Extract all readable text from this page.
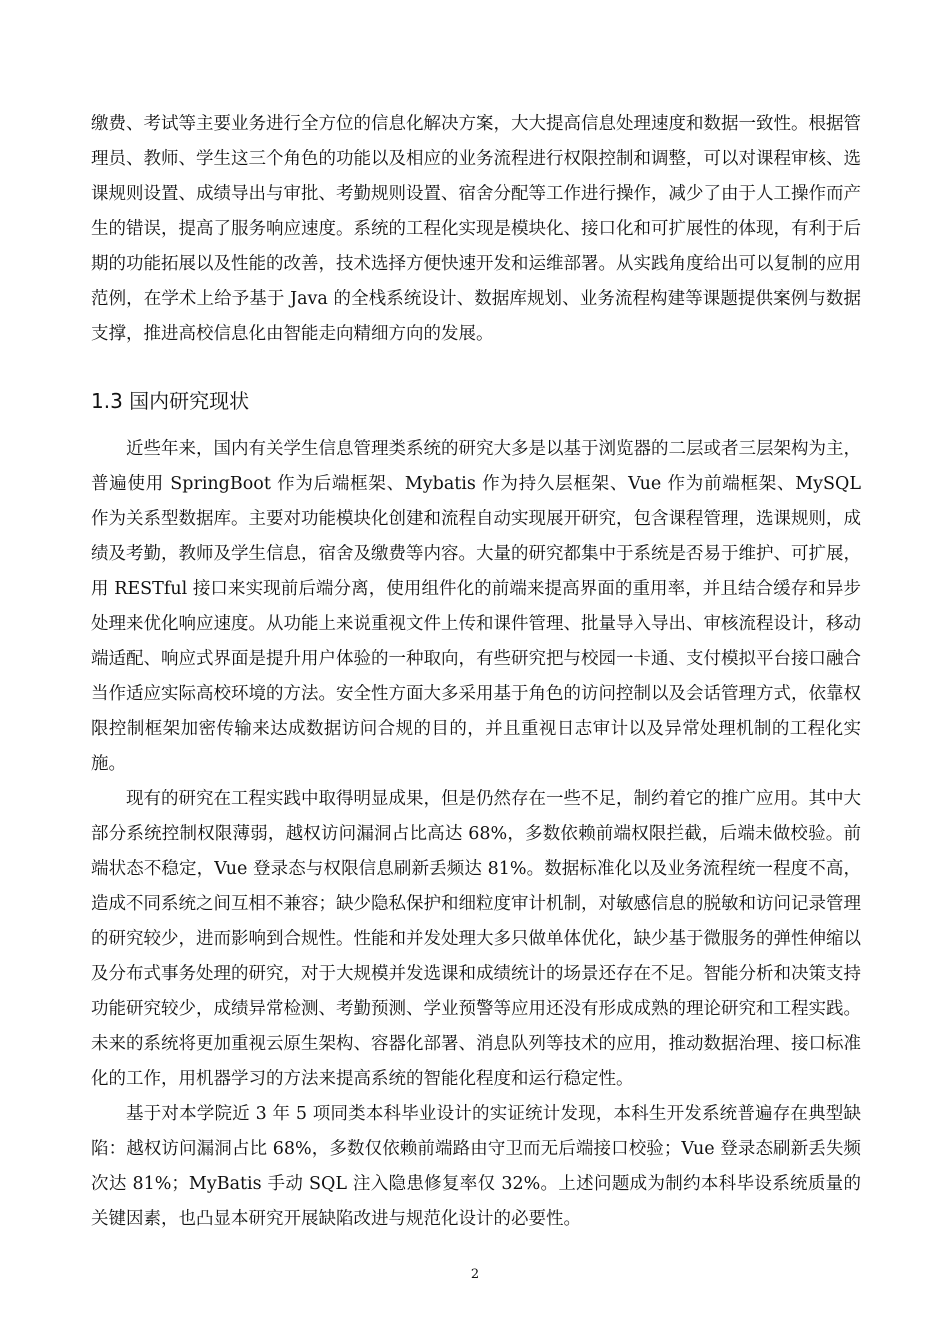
缴费、考试等主要业务进行全方位的信息化解决方案，大大提高信息处理速度和数据一致性。根据管理员、教师、学生这三个角色的功能以及相应的业务流程进行权限控制和调整，可以对课程审核、选课规则设置、成绩导出与审批、考勤规则设置、宿舍分配等工作进行操作，减少了由于人工操作而产生的错误，提高了服务响应速度。系统的工程化实现是模块化、接口化和可扩展性的体现，有利于后期的功能拓展以及性能的改善，技术选择方便快速开发和运维部署。从实践角度给出可以复制的应用范例，在学术上给予基于 Java 的全栈系统设计、数据库规划、业务流程构建等课题提供案例与数据支撑，推进高校信息化由智能走向精细方向的发展。

1.3 国内研究现状

近些年来，国内有关学生信息管理类系统的研究大多是以基于浏览器的二层或者三层架构为主，普遍使用 SpringBoot 作为后端框架、Mybatis 作为持久层框架、Vue 作为前端框架、MySQL 作为关系型数据库。主要对功能模块化创建和流程自动实现展开研究，包含课程管理，选课规则，成绩及考勤，教师及学生信息，宿舍及缴费等内容。大量的研究都集中于系统是否易于维护、可扩展，用 RESTful 接口来实现前后端分离，使用组件化的前端来提高界面的重用率，并且结合缓存和异步处理来优化响应速度。从功能上来说重视文件上传和课件管理、批量导入导出、审核流程设计，移动端适配、响应式界面是提升用户体验的一种取向，有些研究把与校园一卡通、支付模拟平台接口融合当作适应实际高校环境的方法。安全性方面大多采用基于角色的访问控制以及会话管理方式，依靠权限控制框架加密传输来达成数据访问合规的目的，并且重视日志审计以及异常处理机制的工程化实施。

现有的研究在工程实践中取得明显成果，但是仍然存在一些不足，制约着它的推广应用。其中大部分系统控制权限薄弱，越权访问漏洞占比高达 68%，多数依赖前端权限拦截，后端未做校验。前端状态不稳定，Vue 登录态与权限信息刷新丢频达 81%。数据标准化以及业务流程统一程度不高，造成不同系统之间互相不兼容；缺少隐私保护和细粒度审计机制，对敏感信息的脱敏和访问记录管理的研究较少，进而影响到合规性。性能和并发处理大多只做单体优化，缺少基于微服务的弹性伸缩以及分布式事务处理的研究，对于大规模并发选课和成绩统计的场景还存在不足。智能分析和决策支持功能研究较少，成绩异常检测、考勤预测、学业预警等应用还没有形成成熟的理论研究和工程实践。未来的系统将更加重视云原生架构、容器化部署、消息队列等技术的应用，推动数据治理、接口标准化的工作，用机器学习的方法来提高系统的智能化程度和运行稳定性。

基于对本学院近 3 年 5 项同类本科毕业设计的实证统计发现，本科生开发系统普遍存在典型缺陷：越权访问漏洞占比 68%，多数仅依赖前端路由守卫而无后端接口校验；Vue 登录态刷新丢失频次达 81%；MyBatis 手动 SQL 注入隐患修复率仅 32%。上述问题成为制约本科毕设系统质量的关键因素，也凸显本研究开展缺陷改进与规范化设计的必要性。

2
